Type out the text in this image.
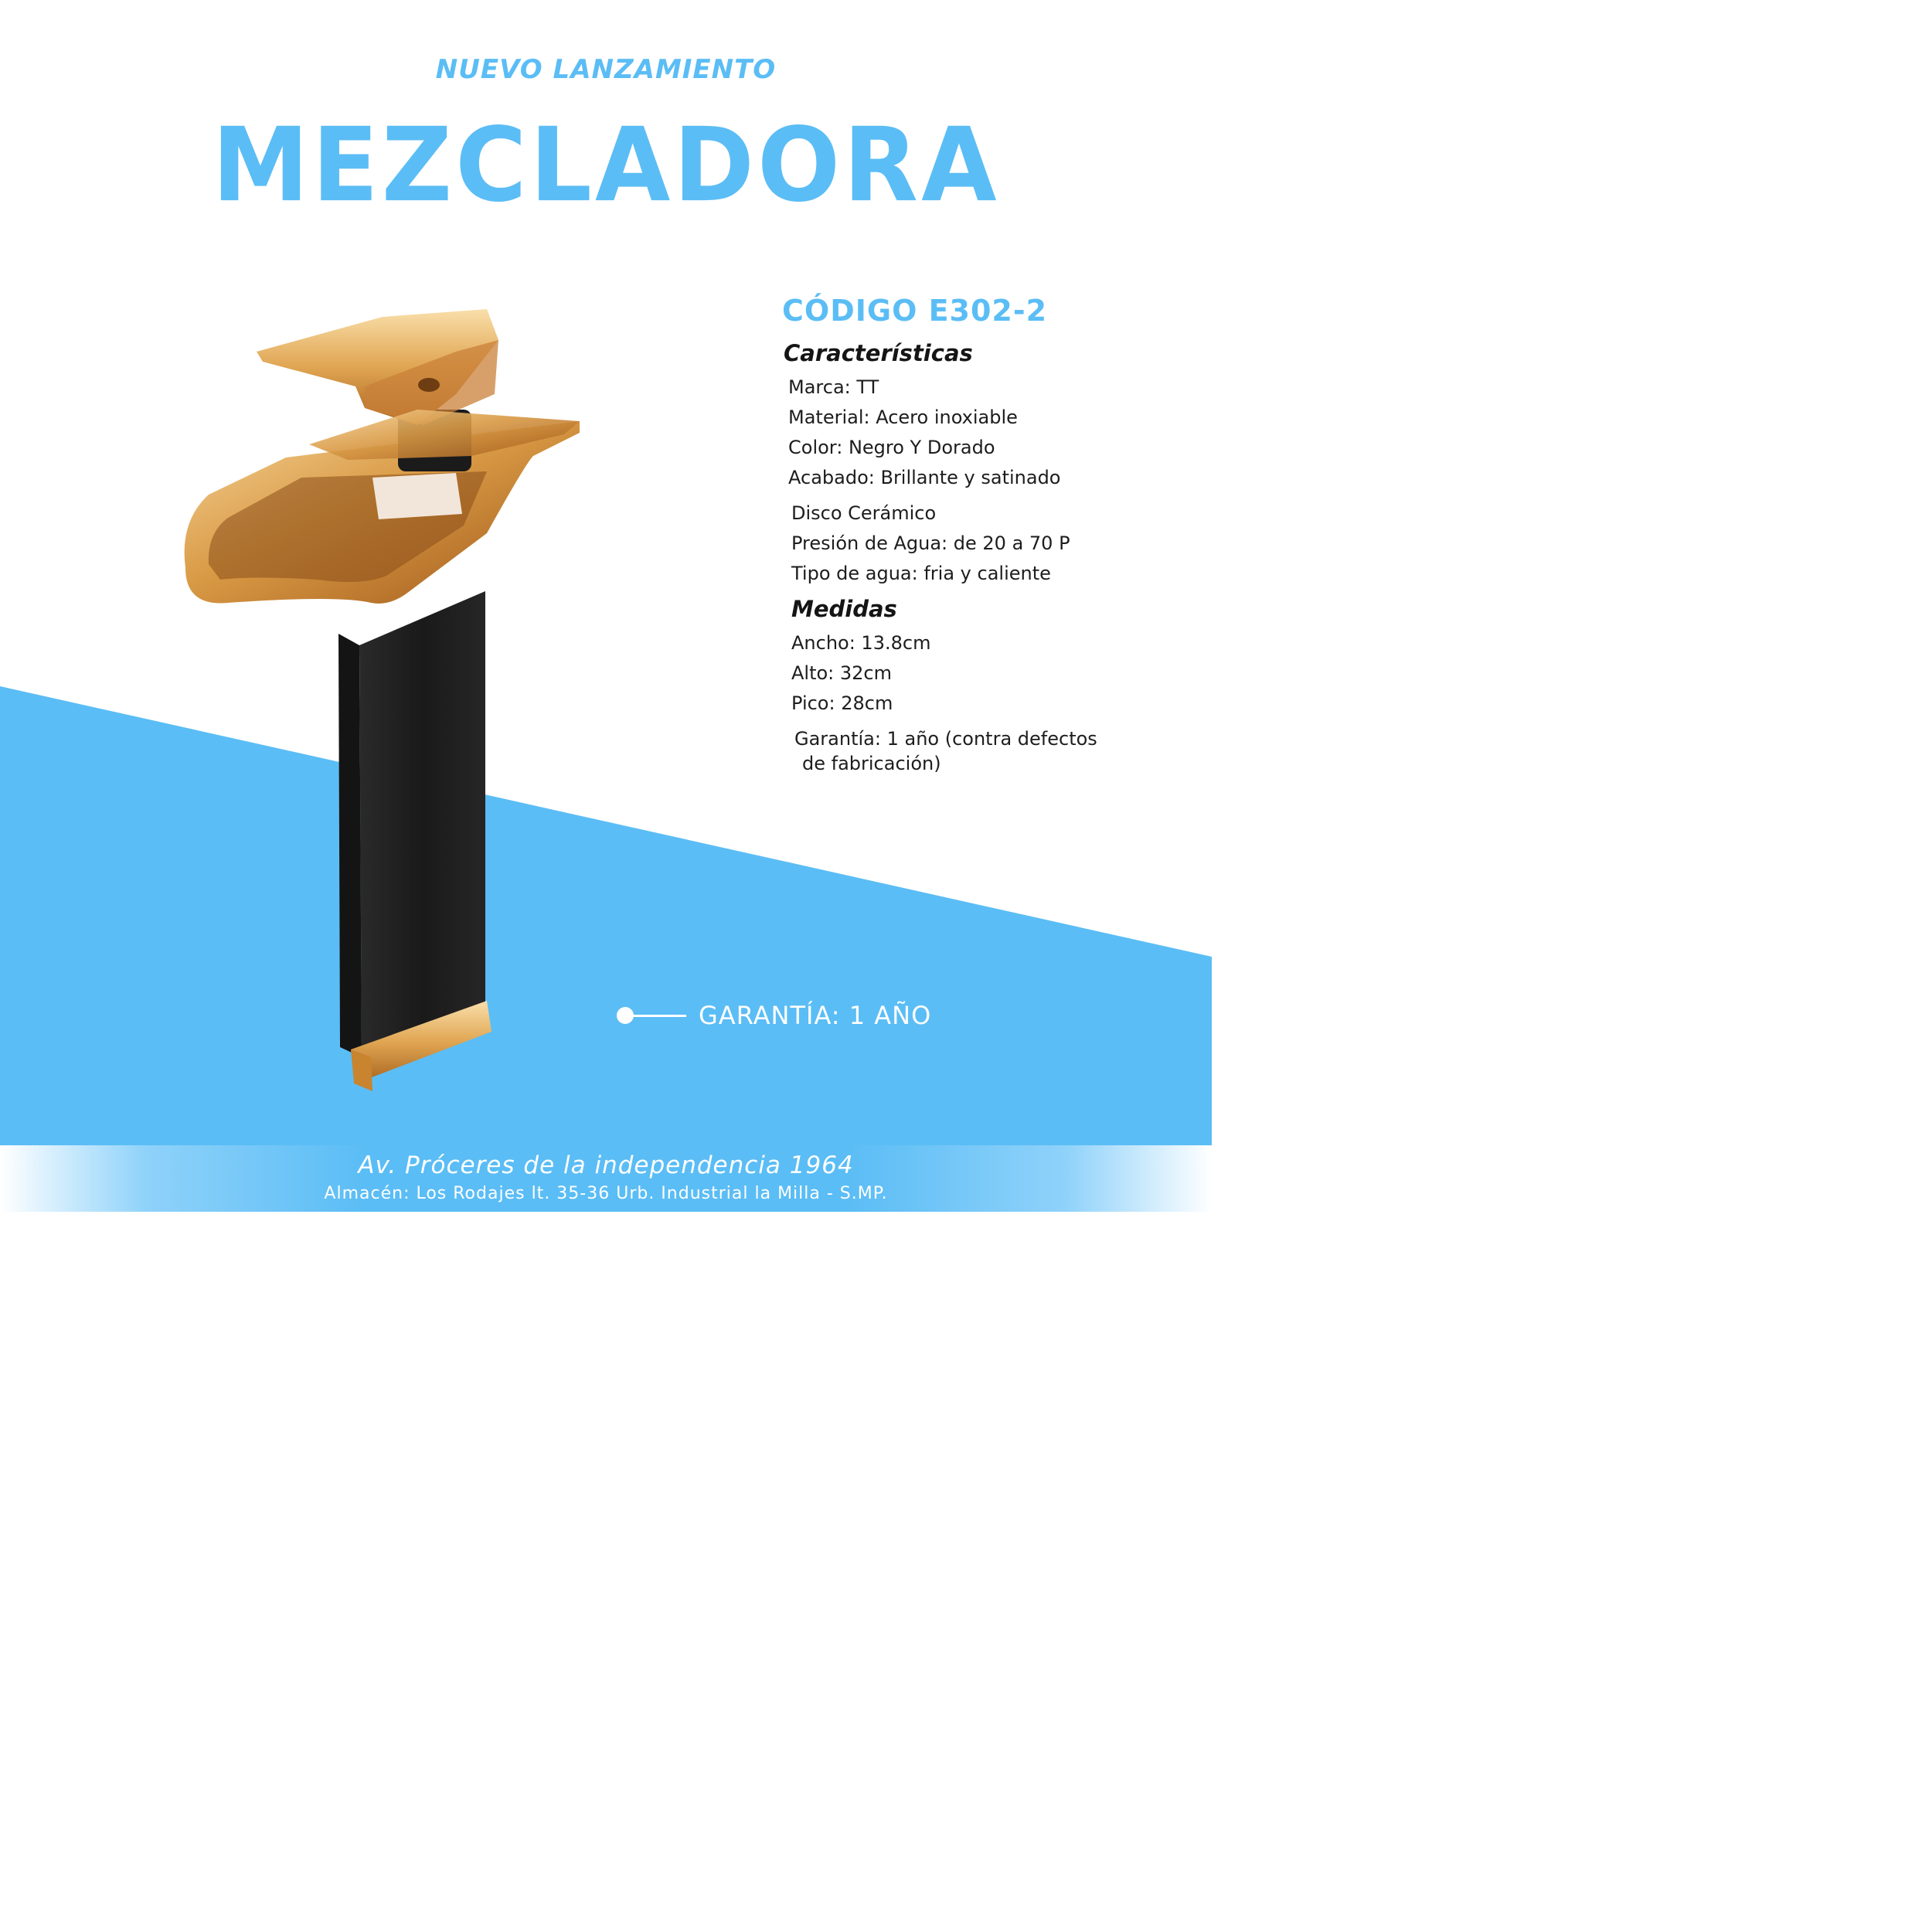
NUEVO LANZAMIENTO
MEZCLADORA
CÓDIGO E302-2
Características
Marca: TT
Material: Acero inoxiable
Color: Negro Y Dorado
Acabado: Brillante y satinado
Disco Cerámico
Presión de Agua: de 20 a 70 P
Tipo de agua: fria y caliente
Medidas
Ancho: 13.8cm
Alto: 32cm
Pico: 28cm
Garantía: 1 año (contra defectos
de fabricación)
GARANTÍA: 1 AÑO
Av. Próceres de la independencia 1964
Almacén: Los Rodajes lt. 35-36 Urb. Industrial la Milla - S.MP.
